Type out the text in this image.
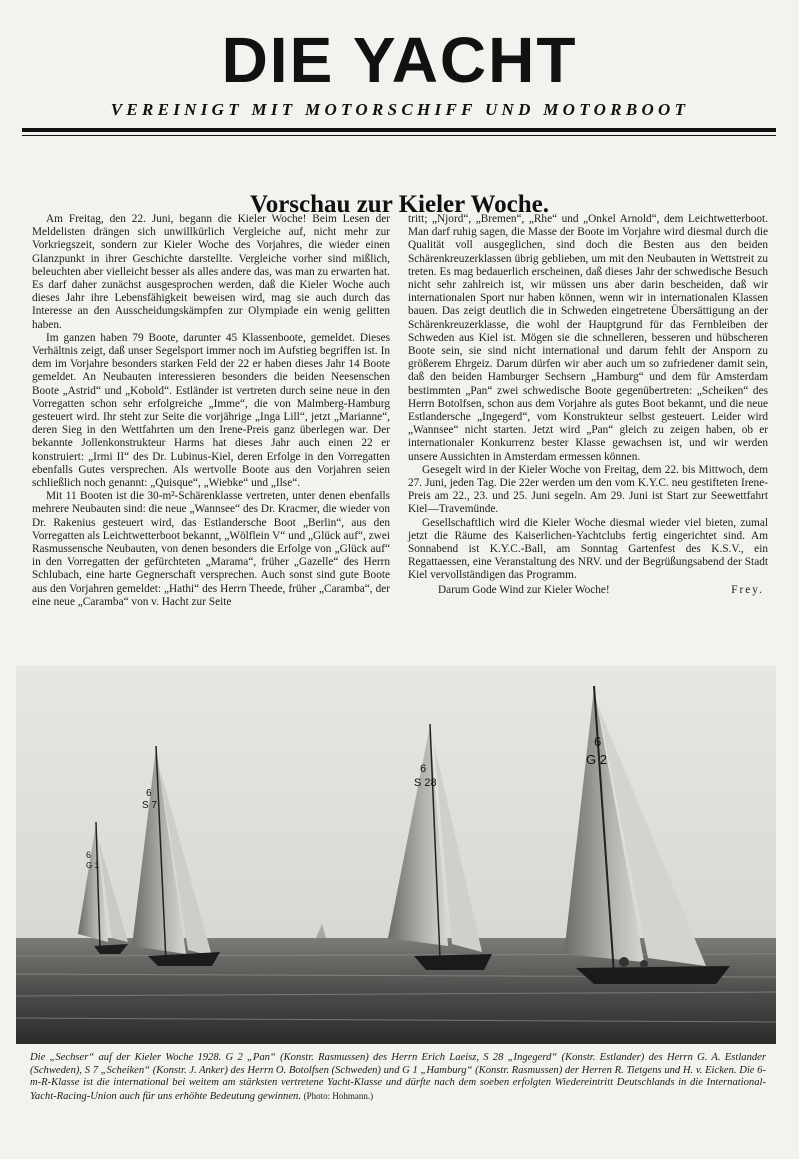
DIE YACHT
VEREINIGT MIT MOTORSCHIFF UND MOTORBOOT
Vorschau zur Kieler Woche.

Am Freitag, den 22. Juni, begann die Kieler Woche! Beim Lesen der Meldelisten drängen sich unwillkürlich Vergleiche auf, nicht mehr zur Vorkriegszeit, sondern zur Kieler Woche des Vorjahres, die wieder einen Glanzpunkt in ihrer Geschichte darstellte. Vergleiche vorher sind mißlich, beleuchten aber vielleicht besser als alles andere das, was man zu erwarten hat. Es darf daher zunächst ausgesprochen werden, daß die Kieler Woche auch dieses Jahr ihre Lebensfähigkeit beweisen wird, mag sie auch durch das Interesse an den Ausscheidungskämpfen zur Olympiade ein wenig gelitten haben.

Im ganzen haben 79 Boote, darunter 45 Klassenboote, gemeldet. Dieses Verhältnis zeigt, daß unser Segelsport immer noch im Aufstieg begriffen ist. In dem im Vorjahre besonders starken Feld der 22 er haben dieses Jahr 14 Boote gemeldet. An Neubauten interessieren besonders die beiden Neesenschen Boote „Astrid“ und „Kobold“. Estländer ist vertreten durch seine neue in den Vorregatten schon sehr erfolgreiche „Imme“, die von Malmberg-Hamburg gesteuert wird. Ihr steht zur Seite die vorjährige „Inga Lill“, jetzt „Marianne“, deren Sieg in den Wettfahrten um den Irene-Preis ganz überlegen war. Der bekannte Jollenkonstrukteur Harms hat dieses Jahr auch einen 22 er konstruiert: „Irmi II“ des Dr. Lubinus-Kiel, deren Erfolge in den Vorregatten ebenfalls Gutes versprechen. Als wertvolle Boote aus den Vorjahren seien schließlich noch genannt: „Quisque“, „Wiebke“ und „Ilse“.

Mit 11 Booten ist die 30-m²-Schärenklasse vertreten, unter denen ebenfalls mehrere Neubauten sind: die neue „Wannsee“ des Dr. Kracmer, die wieder von Dr. Rakenius gesteuert wird, das Estlandersche Boot „Berlin“, aus den Vorregatten als Leichtwetterboot bekannt, „Wölflein V“ und „Glück auf“, zwei Rasmussensche Neubauten, von denen besonders die Erfolge von „Glück auf“ in den Vorregatten der gefürchteten „Marama“, früher „Gazelle“ des Herrn Schlubach, eine harte Gegnerschaft versprechen. Auch sonst sind gute Boote aus den Vorjahren gemeldet: „Hathi“ des Herrn Theede, früher „Caramba“, der eine neue „Caramba“ von v. Hacht zur Seite

tritt; „Njord“, „Bremen“, „Rhe“ und „Onkel Arnold“, dem Leichtwetterboot. Man darf ruhig sagen, die Masse der Boote im Vorjahre wird diesmal durch die Qualität voll ausgeglichen, sind doch die Besten aus den beiden Schärenkreuzerklassen übrig geblieben, um mit den Neubauten in Wettstreit zu treten. Es mag bedauerlich erscheinen, daß dieses Jahr der schwedische Besuch nicht sehr zahlreich ist, wir müssen uns aber darin bescheiden, daß wir internationalen Sport nur haben können, wenn wir in internationalen Klassen bauen. Das zeigt deutlich die in Schweden eingetretene Übersättigung an der Schärenkreuzerklasse, die wohl der Hauptgrund für das Fernbleiben der Schweden aus Kiel ist. Mögen sie die schnelleren, besseren und hübscheren Boote sein, sie sind nicht international und darum fehlt der Ansporn zu größerem Ehrgeiz. Darum dürfen wir aber auch um so zufriedener damit sein, daß den beiden Hamburger Sechsern „Hamburg“ und dem für Amsterdam bestimmten „Pan“ zwei schwedische Boote gegenübertreten: „Scheiken“ des Herrn Botolfsen, schon aus dem Vorjahre als gutes Boot bekannt, und die neue Estlandersche „Ingegerd“, vom Konstrukteur selbst gesteuert. Leider wird „Wannsee“ nicht starten. Jetzt wird „Pan“ gleich zu zeigen haben, ob er internationaler Konkurrenz bester Klasse gewachsen ist, und wir werden unsere Aussichten in Amsterdam ermessen können.

Gesegelt wird in der Kieler Woche von Freitag, dem 22. bis Mittwoch, dem 27. Juni, jeden Tag. Die 22er werden um den vom K.Y.C. neu gestifteten Irene-Preis am 22., 23. und 25. Juni segeln. Am 29. Juni ist Start zur Seewettfahrt Kiel—Travemünde.

Gesellschaftlich wird die Kieler Woche diesmal wieder viel bieten, zumal jetzt die Räume des Kaiserlichen-Yachtclubs fertig eingerichtet sind. Am Sonnabend ist K.Y.C.-Ball, am Sonntag Gartenfest des K.S.V., ein Regattaessen, eine Veranstaltung des NRV. und der Begrüßungsabend der Stadt Kiel vervollständigen das Programm.

Darum Gode Wind zur Kieler Woche!	Frey.
6
G 1
6
S 7
6
S 28
6
G 2
Die „Sechser“ auf der Kieler Woche 1928. G 2 „Pan“ (Konstr. Rasmussen) des Herrn Erich Laeisz, S 28 „Ingegerd“ (Konstr. Estlander) des Herrn G. A. Estlander (Schweden), S 7 „Scheiken“ (Konstr. J. Anker) des Herrn O. Botolfsen (Schweden) und G 1 „Hamburg“ (Konstr. Rasmussen) der Herren R. Tietgens und H. v. Eicken. Die 6-m-R-Klasse ist die international bei weitem am stärksten vertretene Yacht-Klasse und dürfte nach dem soeben erfolgten Wiedereintritt Deutschlands in die International-Yacht-Racing-Union auch für uns erhöhte Bedeutung gewinnen. (Photo: Hohmann.)
